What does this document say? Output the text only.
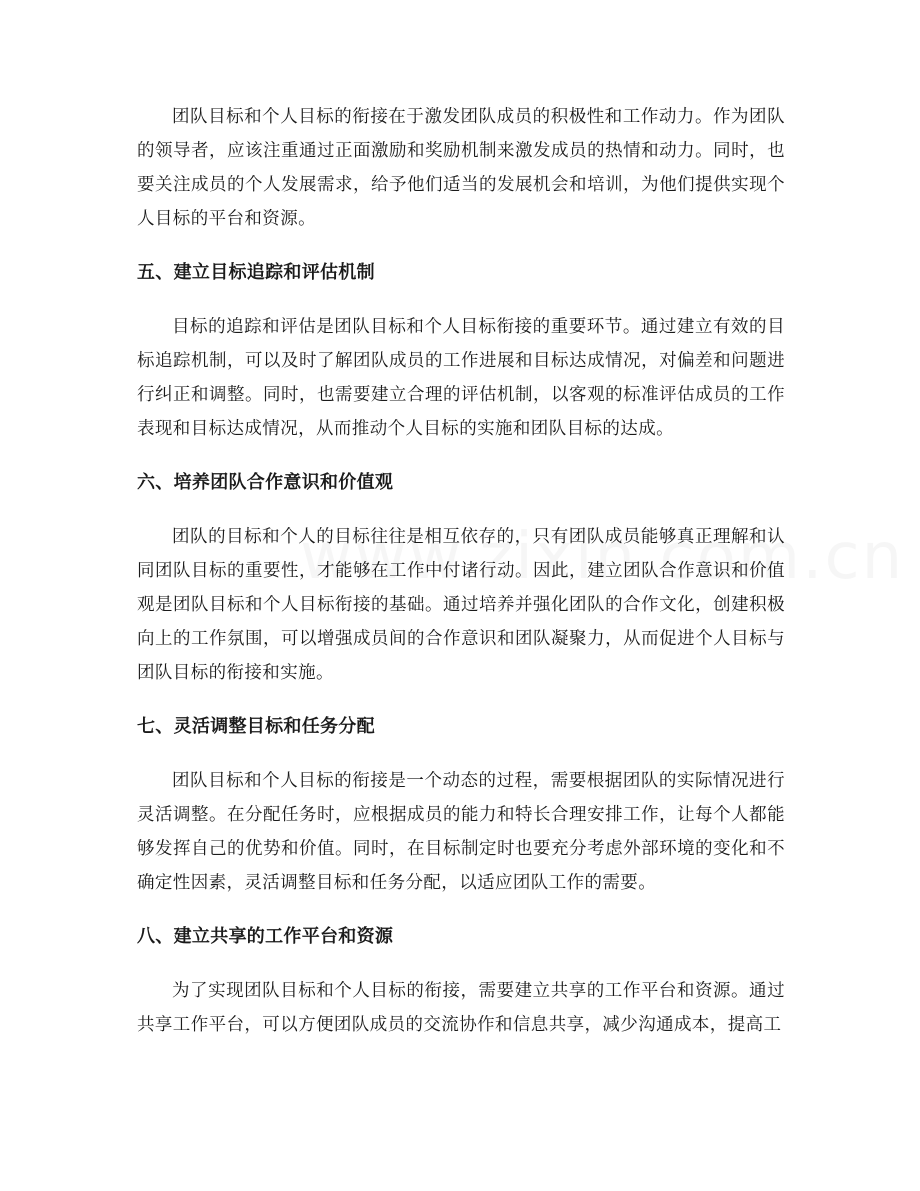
团队目标和个人目标的衔接在于激发团队成员的积极性和工作动力。作为团队的领导者，应该注重通过正面激励和奖励机制来激发成员的热情和动力。同时，也要关注成员的个人发展需求，给予他们适当的发展机会和培训，为他们提供实现个人目标的平台和资源。

五、建立目标追踪和评估机制

目标的追踪和评估是团队目标和个人目标衔接的重要环节。通过建立有效的目标追踪机制，可以及时了解团队成员的工作进展和目标达成情况，对偏差和问题进行纠正和调整。同时，也需要建立合理的评估机制，以客观的标准评估成员的工作表现和目标达成情况，从而推动个人目标的实施和团队目标的达成。

六、培养团队合作意识和价值观

团队的目标和个人的目标往往是相互依存的，只有团队成员能够真正理解和认同团队目标的重要性，才能够在工作中付诸行动。因此，建立团队合作意识和价值观是团队目标和个人目标衔接的基础。通过培养并强化团队的合作文化，创建积极向上的工作氛围，可以增强成员间的合作意识和团队凝聚力，从而促进个人目标与团队目标的衔接和实施。

七、灵活调整目标和任务分配

团队目标和个人目标的衔接是一个动态的过程，需要根据团队的实际情况进行灵活调整。在分配任务时，应根据成员的能力和特长合理安排工作，让每个人都能够发挥自己的优势和价值。同时，在目标制定时也要充分考虑外部环境的变化和不确定性因素，灵活调整目标和任务分配，以适应团队工作的需要。

八、建立共享的工作平台和资源

为了实现团队目标和个人目标的衔接，需要建立共享的工作平台和资源。通过共享工作平台，可以方便团队成员的交流协作和信息共享，减少沟通成本，提高工
